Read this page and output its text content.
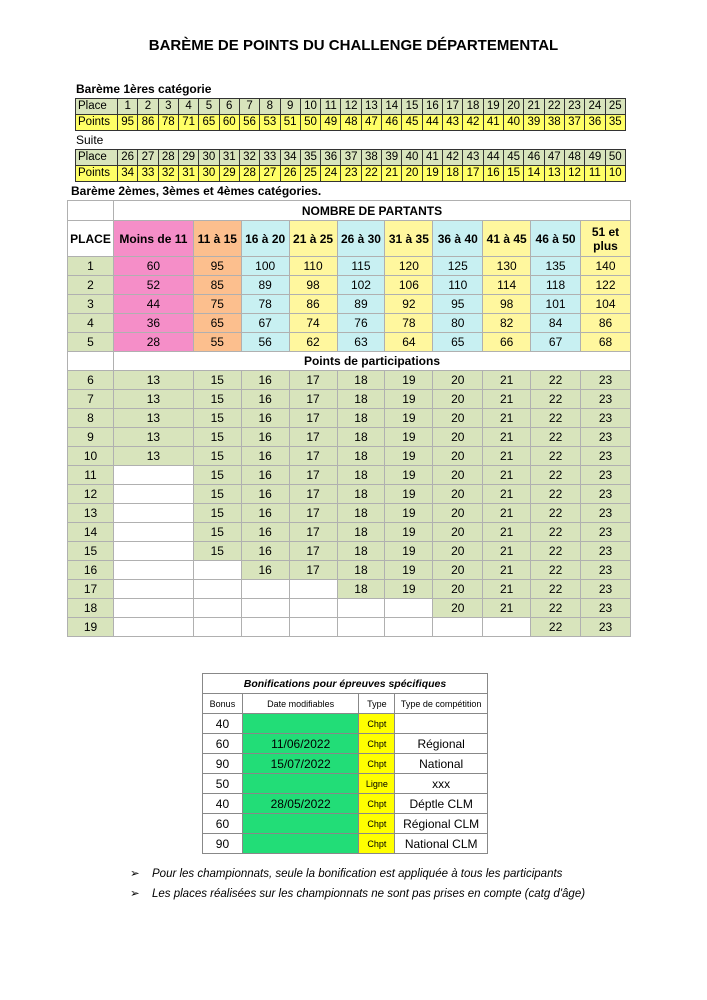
BARÈME DE POINTS DU CHALLENGE DÉPARTEMENTAL
Barème 1ères catégorie
Place	1	2	3	4	5	6	7	8	9	10	11	12	13	14	15	16	17	18	19	20	21	22	23	24	25
Points	95	86	78	71	65	60	56	53	51	50	49	48	47	46	45	44	43	42	41	40	39	38	37	36	35
Suite
Place	26	27	28	29	30	31	32	33	34	35	36	37	38	39	40	41	42	43	44	45	46	47	48	49	50
Points	34	33	32	31	30	29	28	27	26	25	24	23	22	21	20	19	18	17	16	15	14	13	12	11	10
Barème 2èmes, 3èmes et 4èmes catégories.
	NOMBRE DE PARTANTS									
PLACE	Moins de 11	11 à 15	16 à 20	21 à 25	26 à 30	31 à 35	36 à 40	41 à 45	46 à 50	51 et plus
1	60	95	100	110	115	120	125	130	135	140
2	52	85	89	98	102	106	110	114	118	122
3	44	75	78	86	89	92	95	98	101	104
4	36	65	67	74	76	78	80	82	84	86
5	28	55	56	62	63	64	65	66	67	68
	Points de participations									
6	13	15	16	17	18	19	20	21	22	23
7	13	15	16	17	18	19	20	21	22	23
8	13	15	16	17	18	19	20	21	22	23
9	13	15	16	17	18	19	20	21	22	23
10	13	15	16	17	18	19	20	21	22	23
11		15	16	17	18	19	20	21	22	23
12		15	16	17	18	19	20	21	22	23
13		15	16	17	18	19	20	21	22	23
14		15	16	17	18	19	20	21	22	23
15		15	16	17	18	19	20	21	22	23
16			16	17	18	19	20	21	22	23
17					18	19	20	21	22	23
18							20	21	22	23
19									22	23
Bonifications pour épreuves spécifiques			
Bonus	Date modifiables	Type	Type de compétition
40		Chpt	
60	11/06/2022	Chpt	Régional
90	15/07/2022	Chpt	National
50		Ligne	xxx
40	28/05/2022	Chpt	Déptle CLM
60		Chpt	Régional CLM
90		Chpt	National CLM
➢ Pour les championnats, seule la bonification est appliquée à tous les participants
➢ Les places réalisées sur les championnats ne sont pas prises en compte (catg d'âge)
